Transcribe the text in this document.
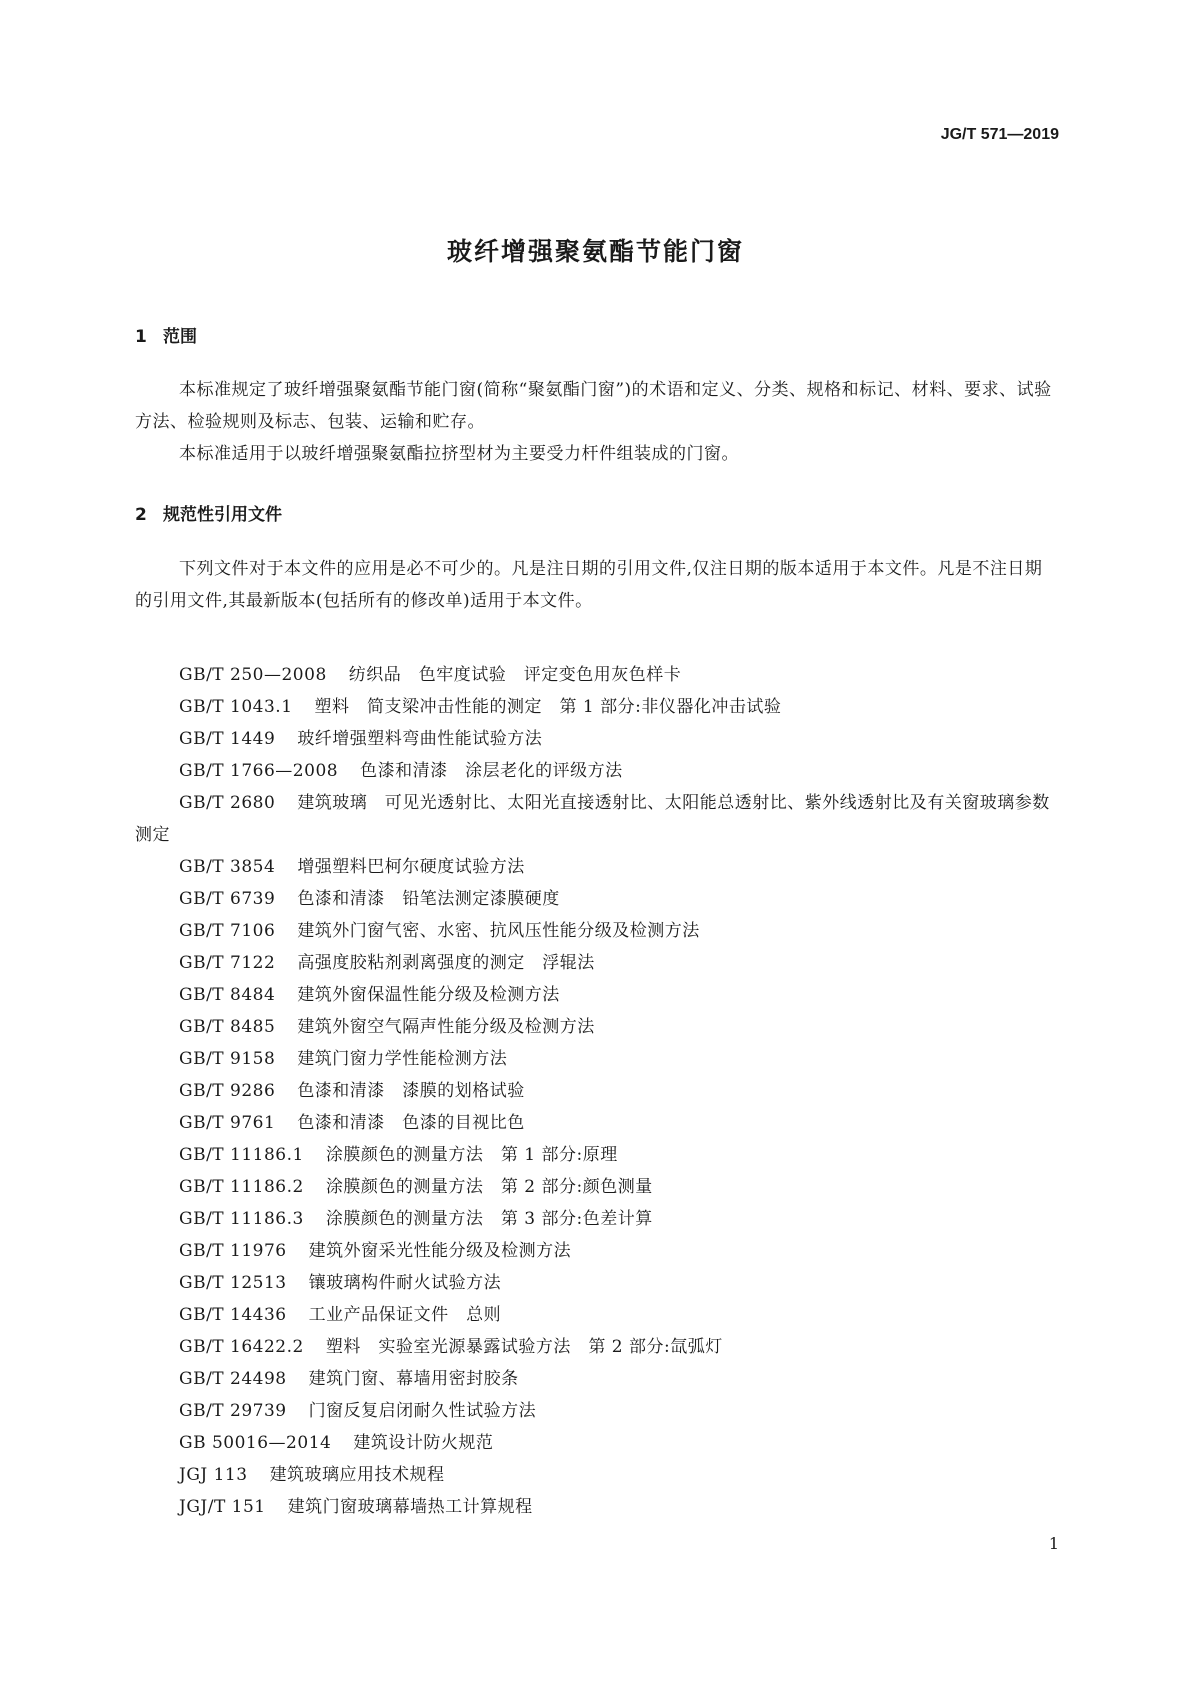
JG/T 571—2019
玻纤增强聚氨酯节能门窗
1 范围

本标准规定了玻纤增强聚氨酯节能门窗(简称“聚氨酯门窗”)的术语和定义、分类、规格和标记、材料、要求、试验方法、检验规则及标志、包装、运输和贮存。

本标准适用于以玻纤增强聚氨酯拉挤型材为主要受力杆件组装成的门窗。

2 规范性引用文件

下列文件对于本文件的应用是必不可少的。凡是注日期的引用文件,仅注日期的版本适用于本文件。凡是不注日期的引用文件,其最新版本(包括所有的修改单)适用于本文件。

GB/T 250—2008 纺织品　色牢度试验　评定变色用灰色样卡
GB/T 1043.1 塑料　简支梁冲击性能的测定　第 1 部分:非仪器化冲击试验
GB/T 1449 玻纤增强塑料弯曲性能试验方法
GB/T 1766—2008 色漆和清漆　涂层老化的评级方法
GB/T 2680 建筑玻璃　可见光透射比、太阳光直接透射比、太阳能总透射比、紫外线透射比及有关窗玻璃参数测定
GB/T 3854 增强塑料巴柯尔硬度试验方法
GB/T 6739 色漆和清漆　铅笔法测定漆膜硬度
GB/T 7106 建筑外门窗气密、水密、抗风压性能分级及检测方法
GB/T 7122 高强度胶粘剂剥离强度的测定　浮辊法
GB/T 8484 建筑外窗保温性能分级及检测方法
GB/T 8485 建筑外窗空气隔声性能分级及检测方法
GB/T 9158 建筑门窗力学性能检测方法
GB/T 9286 色漆和清漆　漆膜的划格试验
GB/T 9761 色漆和清漆　色漆的目视比色
GB/T 11186.1 涂膜颜色的测量方法　第 1 部分:原理
GB/T 11186.2 涂膜颜色的测量方法　第 2 部分:颜色测量
GB/T 11186.3 涂膜颜色的测量方法　第 3 部分:色差计算
GB/T 11976 建筑外窗采光性能分级及检测方法
GB/T 12513 镶玻璃构件耐火试验方法
GB/T 14436 工业产品保证文件　总则
GB/T 16422.2 塑料　实验室光源暴露试验方法　第 2 部分:氙弧灯
GB/T 24498 建筑门窗、幕墙用密封胶条
GB/T 29739 门窗反复启闭耐久性试验方法
GB 50016—2014 建筑设计防火规范
JGJ 113 建筑玻璃应用技术规程
JGJ/T 151 建筑门窗玻璃幕墙热工计算规程
1
